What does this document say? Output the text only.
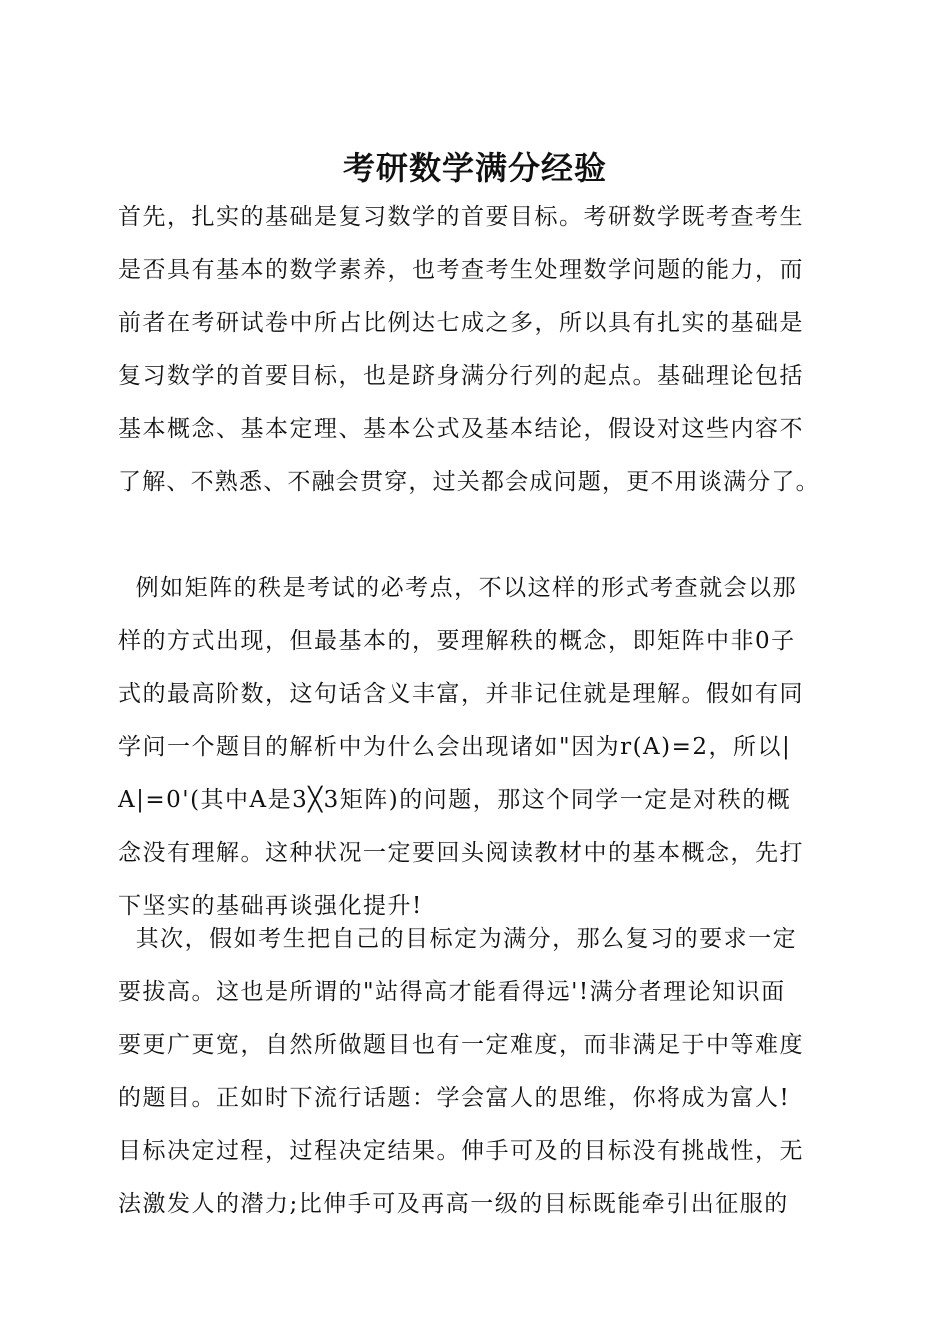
考研数学满分经验
首先，扎实的基础是复习数学的首要目标。考研数学既考查考生
是否具有基本的数学素养，也考查考生处理数学问题的能力，而
前者在考研试卷中所占比例达七成之多，所以具有扎实的基础是
复习数学的首要目标，也是跻身满分行列的起点。基础理论包括
基本概念、基本定理、基本公式及基本结论，假设对这些内容不
了解、不熟悉、不融会贯穿，过关都会成问题，更不用谈满分了。
例如矩阵的秩是考试的必考点，不以这样的形式考查就会以那
样的方式出现，但最基本的，要理解秩的概念，即矩阵中非0子
式的最高阶数，这句话含义丰富，并非记住就是理解。假如有同
学问一个题目的解析中为什么会出现诸如"因为r(A)=2，所以|
A|=0'(其中A是3╳3矩阵)的问题，那这个同学一定是对秩的概
念没有理解。这种状况一定要回头阅读教材中的基本概念，先打
下坚实的基础再谈强化提升!
其次，假如考生把自己的目标定为满分，那么复习的要求一定
要拔高。这也是所谓的"站得高才能看得远'!满分者理论知识面
要更广更宽，自然所做题目也有一定难度，而非满足于中等难度
的题目。正如时下流行话题：学会富人的思维，你将成为富人!
目标决定过程，过程决定结果。伸手可及的目标没有挑战性，无
法激发人的潜力;比伸手可及再高一级的目标既能牵引出征服的
